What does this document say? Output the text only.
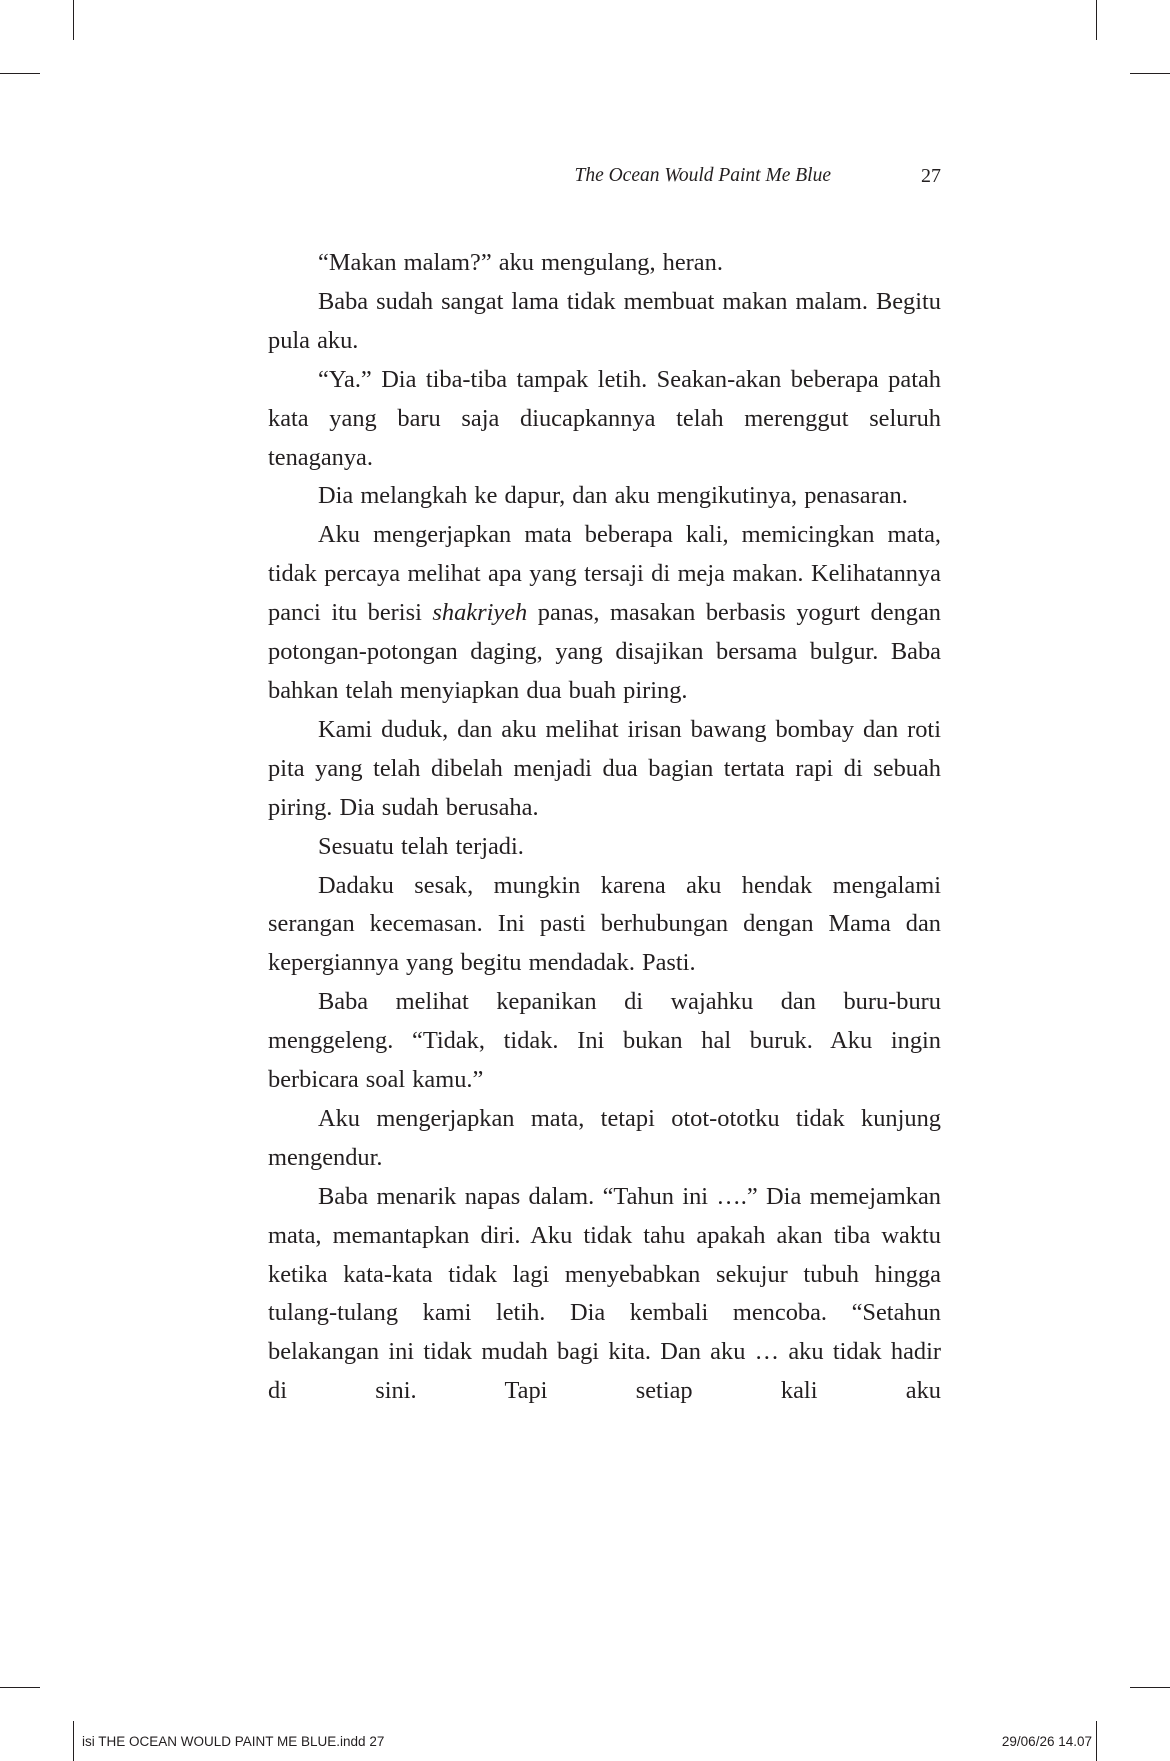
The Ocean Would Paint Me Blue	27

“Makan malam?” aku mengulang, heran.

Baba sudah sangat lama tidak membuat makan malam. Begitu pula aku.

“Ya.” Dia tiba-tiba tampak letih. Seakan-akan beberapa patah kata yang baru saja diucapkannya telah merenggut seluruh tenaganya.

Dia melangkah ke dapur, dan aku mengikutinya, penasaran.

Aku mengerjapkan mata beberapa kali, memicingkan mata, tidak percaya melihat apa yang tersaji di meja makan. Kelihatannya panci itu berisi shakriyeh panas, masakan berbasis yogurt dengan potongan-potongan daging, yang disajikan bersama bulgur. Baba bahkan telah menyiapkan dua buah piring.

Kami duduk, dan aku melihat irisan bawang bombay dan roti pita yang telah dibelah menjadi dua bagian tertata rapi di sebuah piring. Dia sudah berusaha.

Sesuatu telah terjadi.

Dadaku sesak, mungkin karena aku hendak mengalami serangan kecemasan. Ini pasti berhubungan dengan Mama dan kepergiannya yang begitu mendadak. Pasti.

Baba melihat kepanikan di wajahku dan buru-buru menggeleng. “Tidak, tidak. Ini bukan hal buruk. Aku ingin berbicara soal kamu.”

Aku mengerjapkan mata, tetapi otot-ototku tidak kunjung mengendur.

Baba menarik napas dalam. “Tahun ini ….” Dia memejamkan mata, memantapkan diri. Aku tidak tahu apakah akan tiba waktu ketika kata-kata tidak lagi menyebabkan sekujur tubuh hingga tulang-tulang kami letih. Dia kembali mencoba. “Setahun belakangan ini tidak mudah bagi kita. Dan aku … aku tidak hadir di sini. Tapi setiap kali aku

isi THE OCEAN WOULD PAINT ME BLUE.indd 27	29/06/26 14.07
